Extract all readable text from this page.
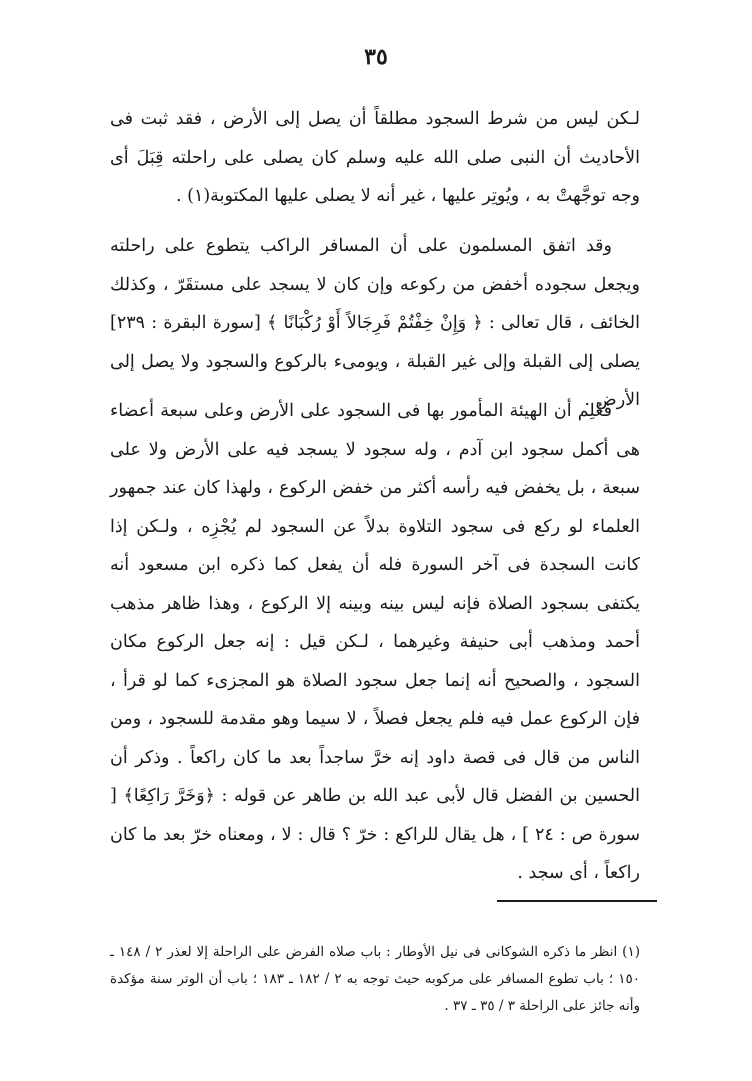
٣٥

لـكن ليس من شرط السجود مطلقاً أن يصل إلى الأرض ، فقد ثبت فى الأحاديث أن النبى صلى الله عليه وسلم كان يصلى على راحلته قِبَلَ أى وجه توجَّهتْ به ، ويُوتِر عليها ، غير أنه لا يصلى عليها المكتوبة(١) .

وقد اتفق المسلمون على أن المسافر الراكب يتطوع على راحلته ويجعل سجوده أخفض من ركوعه وإن كان لا يسجد على مستقَرّ ، وكذلك الخائف ، قال تعالى : ﴿ وَإِنْ خِفْتُمْ فَرِجَالاً أَوْ رُكْبَانًا ﴾ [سورة البقرة : ٢٣٩] يصلى إلى القبلة وإلى غير القبلة ، ويومىء بالركوع والسجود ولا يصل إلى الأرض .

فعُلِم أن الهيئة المأمور بها فى السجود على الأرض وعلى سبعة أعضاء هى أكمل سجود ابن آدم ، وله سجود لا يسجد فيه على الأرض ولا على سبعة ، بل يخفض فيه رأسه أكثر من خفض الركوع ، ولهذا كان عند جمهور العلماء لو ركع فى سجود التلاوة بدلاً عن السجود لم يُجْزِه ، ولـكن إذا كانت السجدة فى آخر السورة فله أن يفعل كما ذكره ابن مسعود أنه يكتفى بسجود الصلاة فإنه ليس بينه وبينه إلا الركوع ، وهذا ظاهر مذهب أحمد ومذهب أبى حنيفة وغيرهما ، لـكن قيل : إنه جعل الركوع مكان السجود ، والصحيح أنه إنما جعل سجود الصلاة هو المجزىء كما لو قرأ ، فإن الركوع عمل فيه فلم يجعل فصلاً ، لا سيما وهو مقدمة للسجود ، ومن الناس من قال فى قصة داود إنه خرَّ ساجداً بعد ما كان راكعاً . وذكر أن الحسين بن الفضل قال لأبى عبد الله بن طاهر عن قوله : ﴿وَخَرَّ رَاكِعًا﴾ [ سورة ص : ٢٤ ] ، هل يقال للراكع : خرّ ؟ قال : لا ، ومعناه خرّ بعد ما كان راكعاً ، أى سجد .

(١) انظر ما ذكره الشوكانى فى نيل الأوطار : باب صلاه الفرض على الراحلة إلا لعذر ٢ / ١٤٨ ـ ١٥٠ ؛ باب تطوع المسافر على مركوبه حيث توجه به ٢ / ١٨٢ ـ ١٨٣ ؛ باب أن الوتر سنة مؤكدة وأنه جائز على الراحلة ٣ / ٣٥ ـ ٣٧ .
